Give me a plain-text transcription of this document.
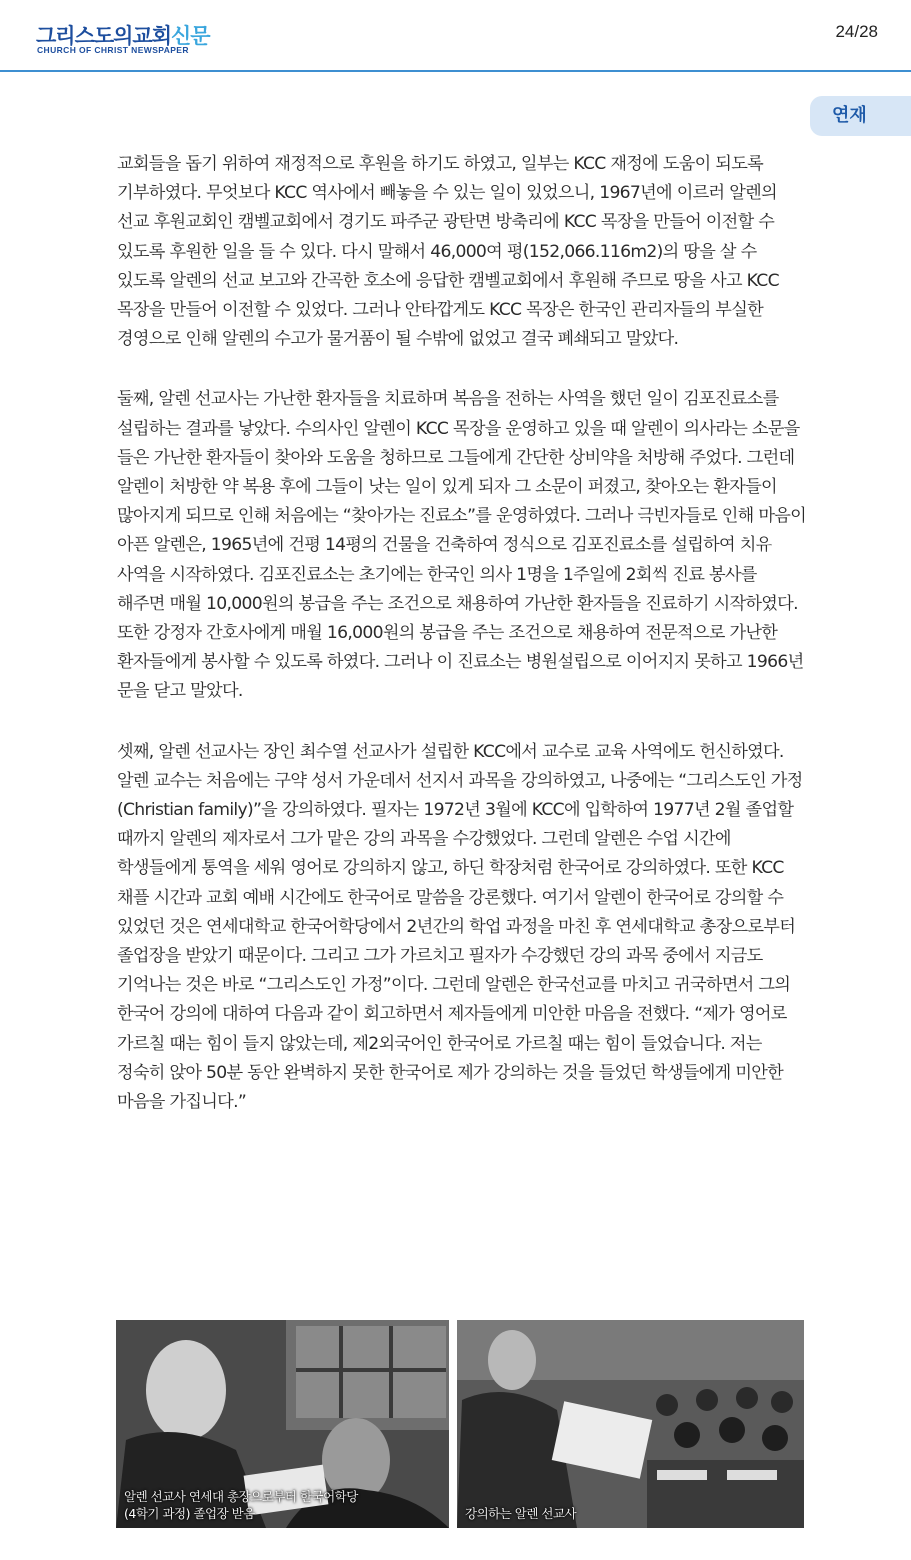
그리스도의교회신문
CHURCH OF CHRIST NEWSPAPER
24/28
연재

교회들을 돕기 위하여 재정적으로 후원을 하기도 하였고, 일부는 KCC 재정에 도움이 되도록 기부하였다. 무엇보다 KCC 역사에서 빼놓을 수 있는 일이 있었으니, 1967년에 이르러 알렌의 선교 후원교회인 캠벨교회에서 경기도 파주군 광탄면 방축리에 KCC 목장을 만들어 이전할 수 있도록 후원한 일을 들 수 있다. 다시 말해서 46,000여 평(152,066.116m2)의 땅을 살 수 있도록 알렌의 선교 보고와 간곡한 호소에 응답한 캠벨교회에서 후원해 주므로 땅을 사고 KCC 목장을 만들어 이전할 수 있었다. 그러나 안타깝게도 KCC 목장은 한국인 관리자들의 부실한 경영으로 인해 알렌의 수고가 물거품이 될 수밖에 없었고 결국 폐쇄되고 말았다.

둘째, 알렌 선교사는 가난한 환자들을 치료하며 복음을 전하는 사역을 했던 일이 김포진료소를 설립하는 결과를 낳았다. 수의사인 알렌이 KCC 목장을 운영하고 있을 때 알렌이 의사라는 소문을 들은 가난한 환자들이 찾아와 도움을 청하므로 그들에게 간단한 상비약을 처방해 주었다. 그런데 알렌이 처방한 약 복용 후에 그들이 낫는 일이 있게 되자 그 소문이 퍼졌고, 찾아오는 환자들이 많아지게 되므로 인해 처음에는 “찾아가는 진료소”를 운영하였다. 그러나 극빈자들로 인해 마음이 아픈 알렌은, 1965년에 건평 14평의 건물을 건축하여 정식으로 김포진료소를 설립하여 치유 사역을 시작하였다. 김포진료소는 초기에는 한국인 의사 1명을 1주일에 2회씩 진료 봉사를 해주면 매월 10,000원의 봉급을 주는 조건으로 채용하여 가난한 환자들을 진료하기 시작하였다. 또한 강정자 간호사에게 매월 16,000원의 봉급을 주는 조건으로 채용하여 전문적으로 가난한 환자들에게 봉사할 수 있도록 하였다. 그러나 이 진료소는 병원설립으로 이어지지 못하고 1966년 문을 닫고 말았다.

셋째, 알렌 선교사는 장인 최수열 선교사가 설립한 KCC에서 교수로 교육 사역에도 헌신하였다. 알렌 교수는 처음에는 구약 성서 가운데서 선지서 과목을 강의하였고, 나중에는 “그리스도인 가정(Christian family)”을 강의하였다. 필자는 1972년 3월에 KCC에 입학하여 1977년 2월 졸업할 때까지 알렌의 제자로서 그가 맡은 강의 과목을 수강했었다. 그런데 알렌은 수업 시간에 학생들에게 통역을 세워 영어로 강의하지 않고, 하딘 학장처럼 한국어로 강의하였다. 또한 KCC 채플 시간과 교회 예배 시간에도 한국어로 말씀을 강론했다. 여기서 알렌이 한국어로 강의할 수 있었던 것은 연세대학교 한국어학당에서 2년간의 학업 과정을 마친 후 연세대학교 총장으로부터 졸업장을 받았기 때문이다. 그리고 그가 가르치고 필자가 수강했던 강의 과목 중에서 지금도 기억나는 것은 바로 “그리스도인 가정”이다. 그런데 알렌은 한국선교를 마치고 귀국하면서 그의 한국어 강의에 대하여 다음과 같이 회고하면서 제자들에게 미안한 마음을 전했다. “제가 영어로 가르칠 때는 힘이 들지 않았는데, 제2외국어인 한국어로 가르칠 때는 힘이 들었습니다. 저는 정숙히 앉아 50분 동안 완벽하지 못한 한국어로 제가 강의하는 것을 들었던 학생들에게 미안한 마음을 가집니다.”

알렌 선교사 연세대 총장으로부터 한국어학당
(4학기 과정) 졸업장 받음	강의하는 알렌 선교사
